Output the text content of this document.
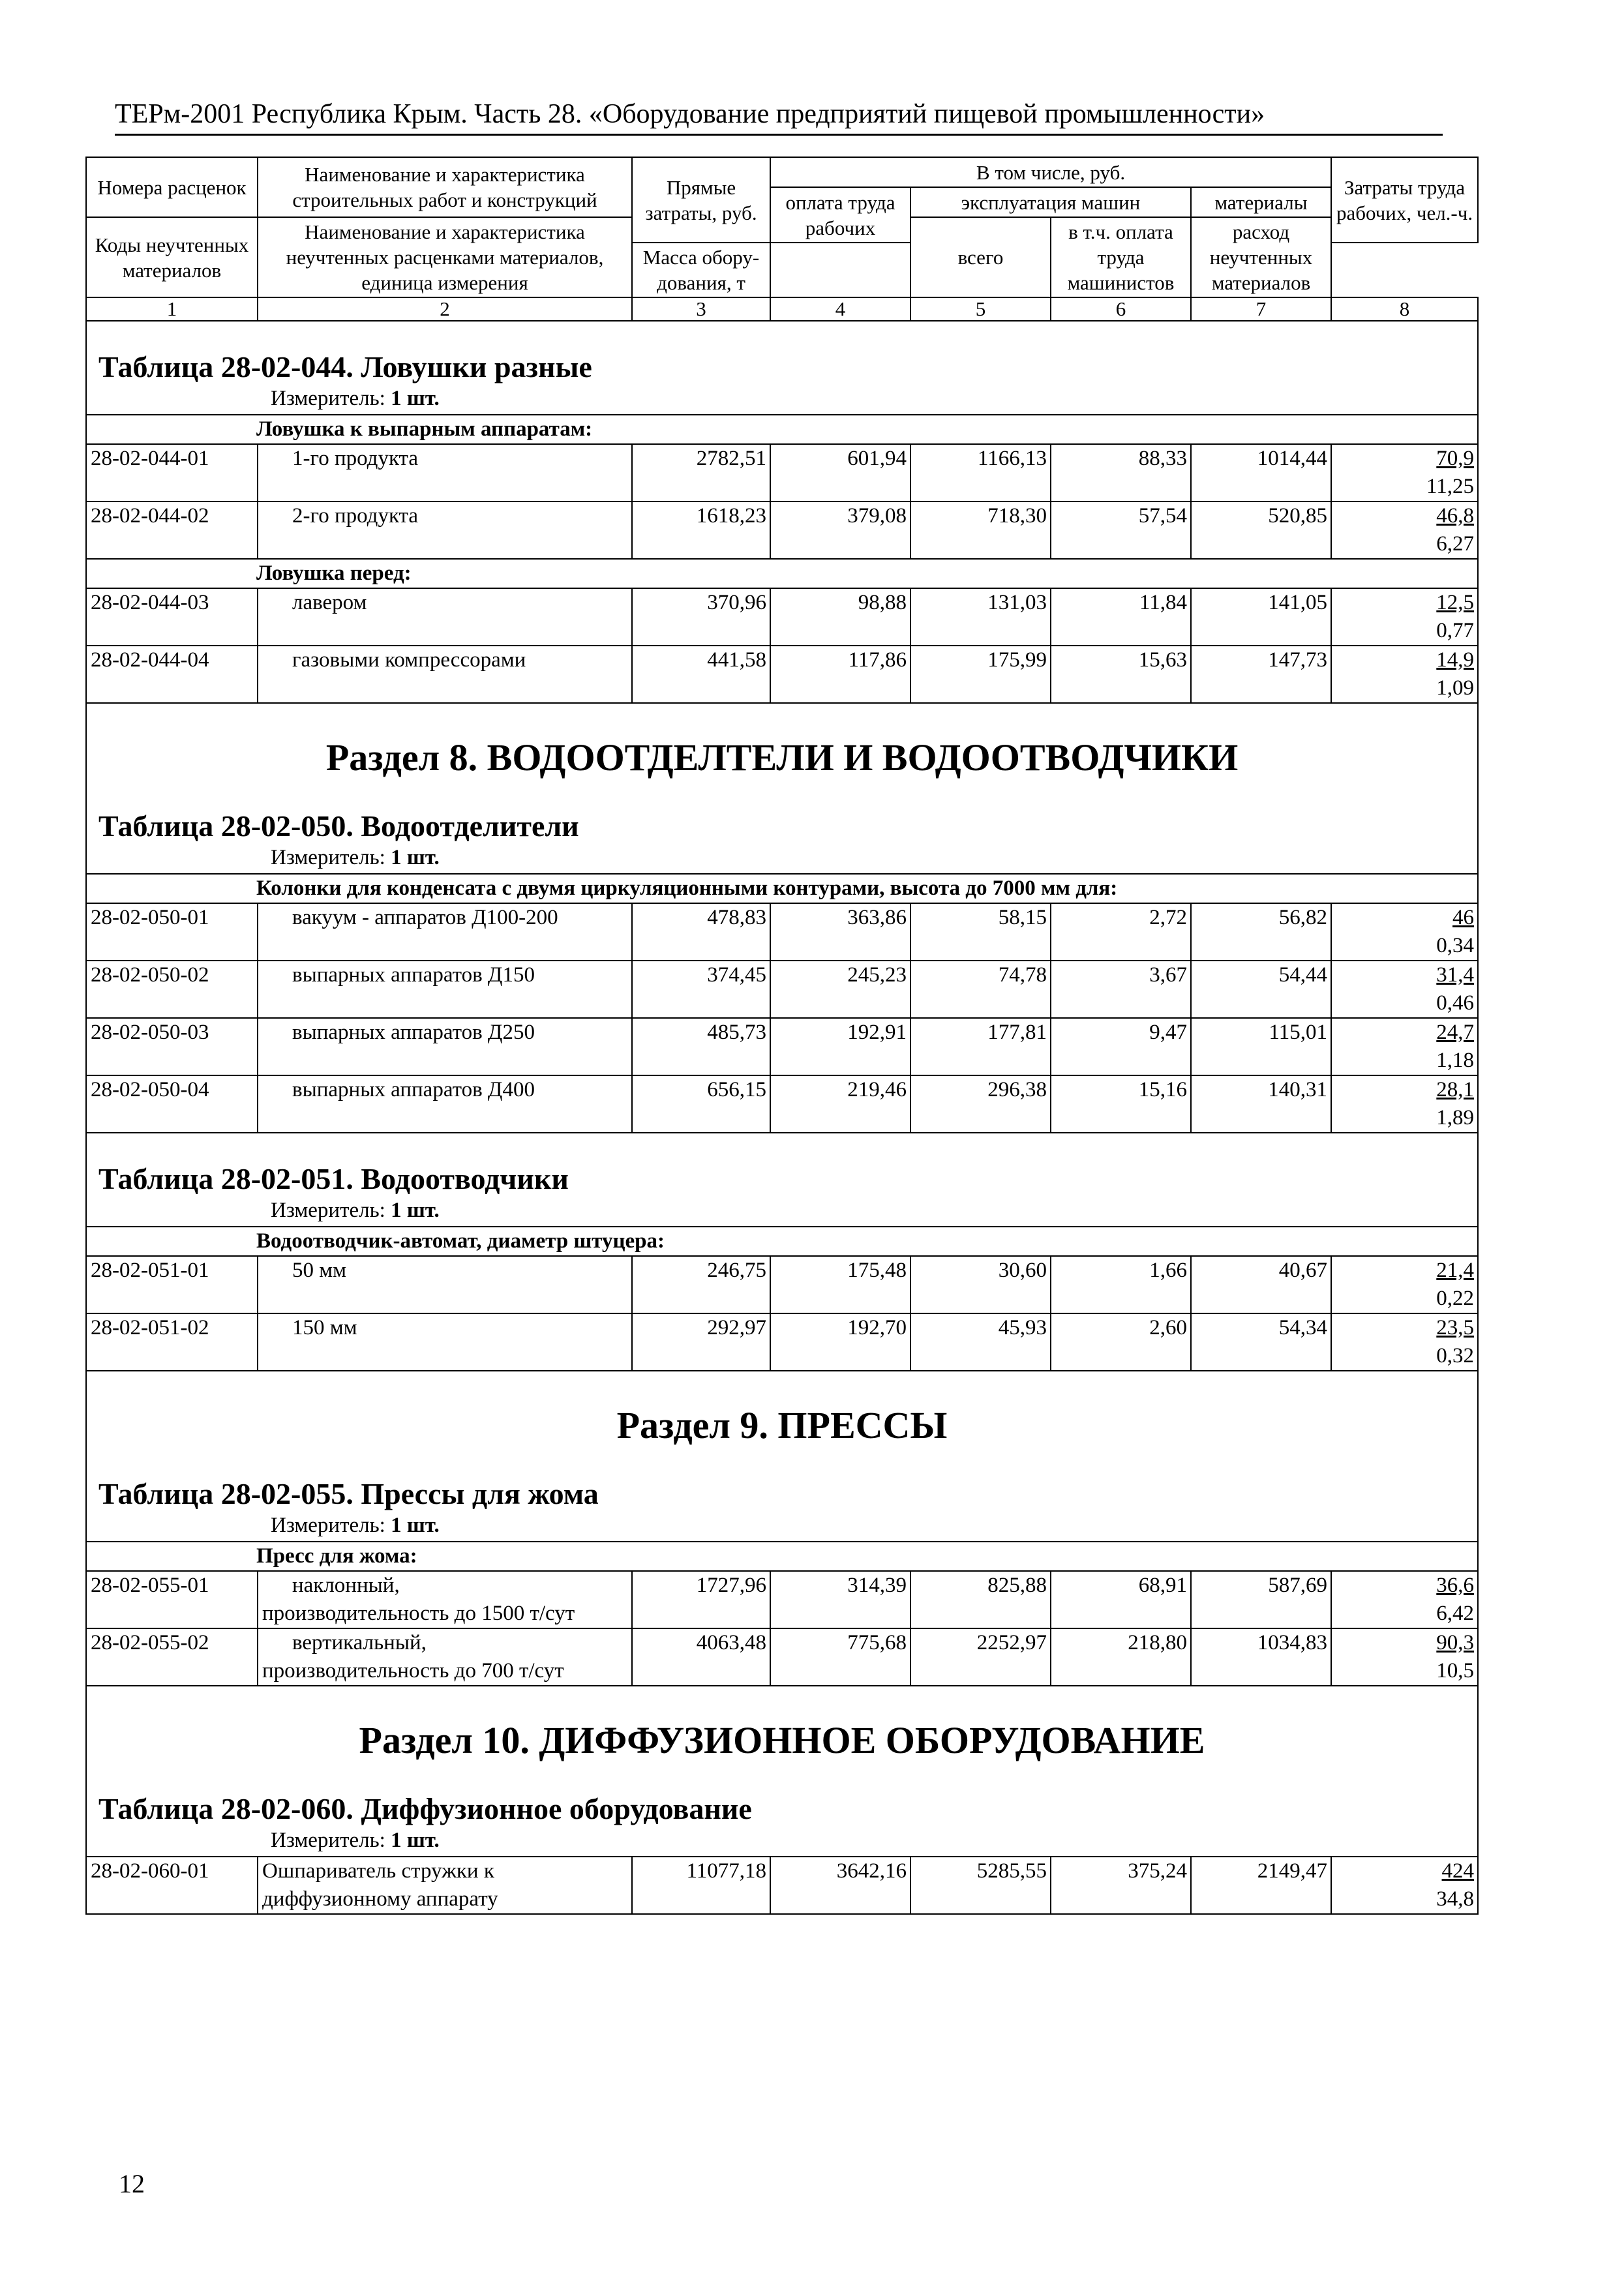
ТЕРм-2001 Республика Крым. Часть 28. «Оборудование предприятий пищевой промышленности»
Номера расценок	Наименование и характеристика строительных работ и конструкций	Прямые затраты, руб.	В том числе, руб.				Затраты труда рабочих, чел.-ч.
			оплата труда рабочих	эксплуатация машин		материалы	
Коды неучтенных материалов	Наименование и характеристика неучтенных расценками материалов, единица измерения			всего	в т.ч. оплата труда машинистов	расход неучтенных материалов	
		Масса обору-дования, т					
1	2	3	4	5	6	7	8

Таблица 28-02-044. Ловушки разные
Измеритель: 1 шт.							

Ловушка к выпарным аппаратам:							
28-02-044-01	1-го продукта	2782,51	601,94	1166,13	88,33	1014,44	70,9
11,25

28-02-044-02	2-го продукта	1618,23	379,08	718,30	57,54	520,85	46,8
6,27

Ловушка перед:							
28-02-044-03	лавером	370,96	98,88	131,03	11,84	141,05	12,5
0,77

28-02-044-04	газовыми компрессорами	441,58	117,86	175,99	15,63	147,73	14,9
1,09

Раздел 8. ВОДООТДЕЛТЕЛИ И ВОДООТВОДЧИКИ
Таблица 28-02-050. Водоотделители
Измеритель: 1 шт.							

Колонки для конденсата с двумя циркуляционными контурами, высота до 7000 мм для:							
28-02-050-01	вакуум - аппаратов Д100-200	478,83	363,86	58,15	2,72	56,82	46
0,34

28-02-050-02	выпарных аппаратов Д150	374,45	245,23	74,78	3,67	54,44	31,4
0,46

28-02-050-03	выпарных аппаратов Д250	485,73	192,91	177,81	9,47	115,01	24,7
1,18

28-02-050-04	выпарных аппаратов Д400	656,15	219,46	296,38	15,16	140,31	28,1
1,89

Таблица 28-02-051. Водоотводчики
Измеритель: 1 шт.							

Водоотводчик-автомат, диаметр штуцера:							
28-02-051-01	50 мм	246,75	175,48	30,60	1,66	40,67	21,4
0,22

28-02-051-02	150 мм	292,97	192,70	45,93	2,60	54,34	23,5
0,32

Раздел 9. ПРЕССЫ
Таблица 28-02-055. Прессы для жома
Измеритель: 1 шт.							

Пресс для жома:							
28-02-055-01	наклонный,
производительность до 1500 т/сут	1727,96	314,39	825,88	68,91	587,69	36,6
6,42

28-02-055-02	вертикальный,
производительность до 700 т/сут	4063,48	775,68	2252,97	218,80	1034,83	90,3
10,5

Раздел 10. ДИФФУЗИОННОЕ ОБОРУДОВАНИЕ
Таблица 28-02-060. Диффузионное оборудование
Измеритель: 1 шт.							

28-02-060-01	Ошпариватель стружки к
диффузионному аппарату	11077,18	3642,16	5285,55	375,24	2149,47	424
34,8
12
